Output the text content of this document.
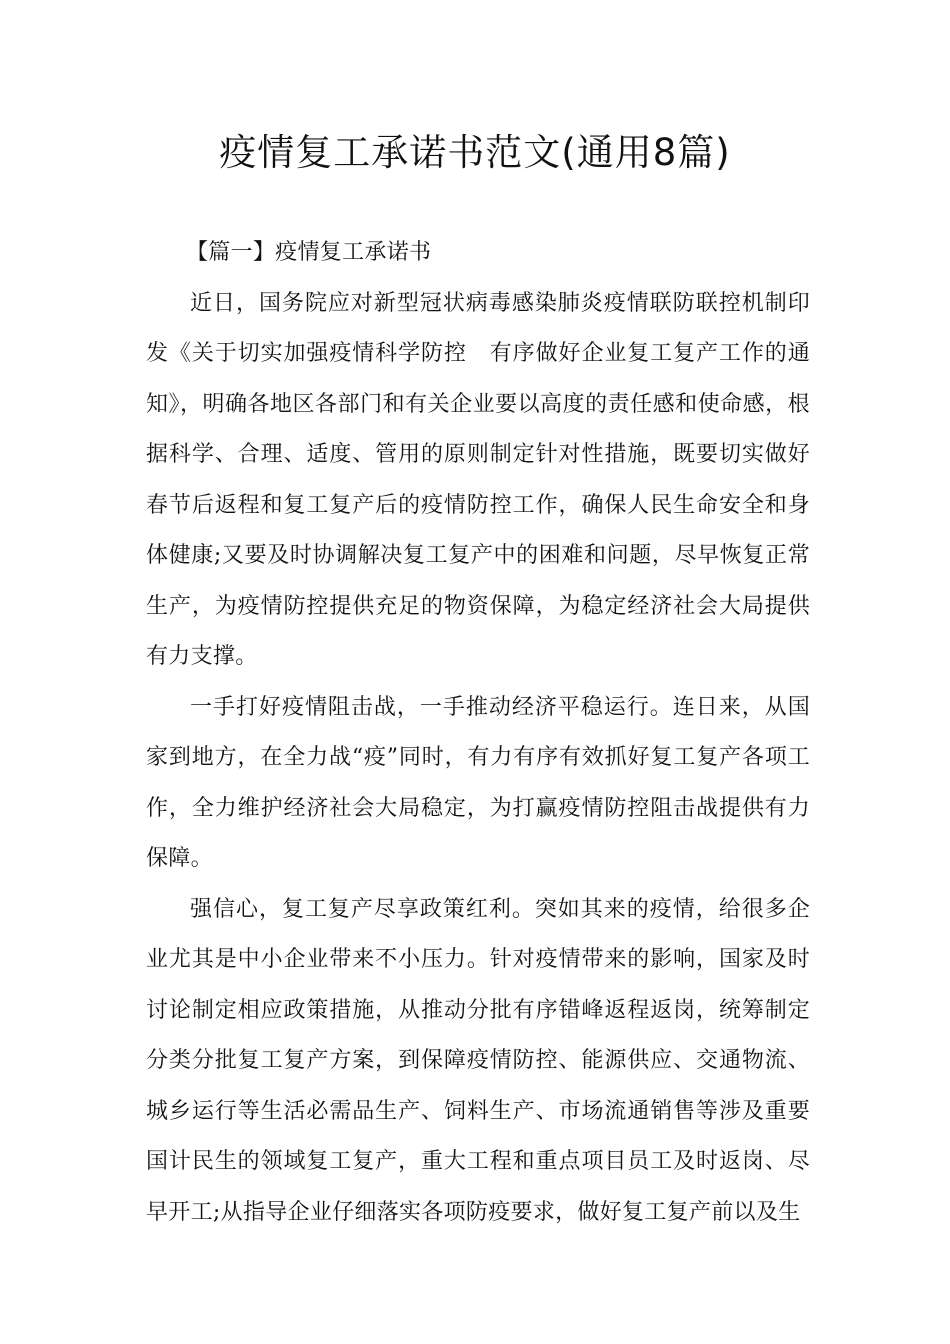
疫情复工承诺书范文(通用8篇)

【篇一】疫情复工承诺书

近日，国务院应对新型冠状病毒感染肺炎疫情联防联控机制印发《关于切实加强疫情科学防控　有序做好企业复工复产工作的通知》，明确各地区各部门和有关企业要以高度的责任感和使命感，根据科学、合理、适度、管用的原则制定针对性措施，既要切实做好春节后返程和复工复产后的疫情防控工作，确保人民生命安全和身体健康;又要及时协调解决复工复产中的困难和问题，尽早恢复正常生产，为疫情防控提供充足的物资保障，为稳定经济社会大局提供有力支撑。

一手打好疫情阻击战，一手推动经济平稳运行。连日来，从国家到地方，在全力战“疫”同时，有力有序有效抓好复工复产各项工作，全力维护经济社会大局稳定，为打赢疫情防控阻击战提供有力保障。

强信心，复工复产尽享政策红利。突如其来的疫情，给很多企业尤其是中小企业带来不小压力。针对疫情带来的影响，国家及时讨论制定相应政策措施，从推动分批有序错峰返程返岗，统筹制定分类分批复工复产方案，到保障疫情防控、能源供应、交通物流、城乡运行等生活必需品生产、饲料生产、市场流通销售等涉及重要国计民生的领域复工复产，重大工程和重点项目员工及时返岗、尽早开工;从指导企业仔细落实各项防疫要求，做好复工复产前以及生
